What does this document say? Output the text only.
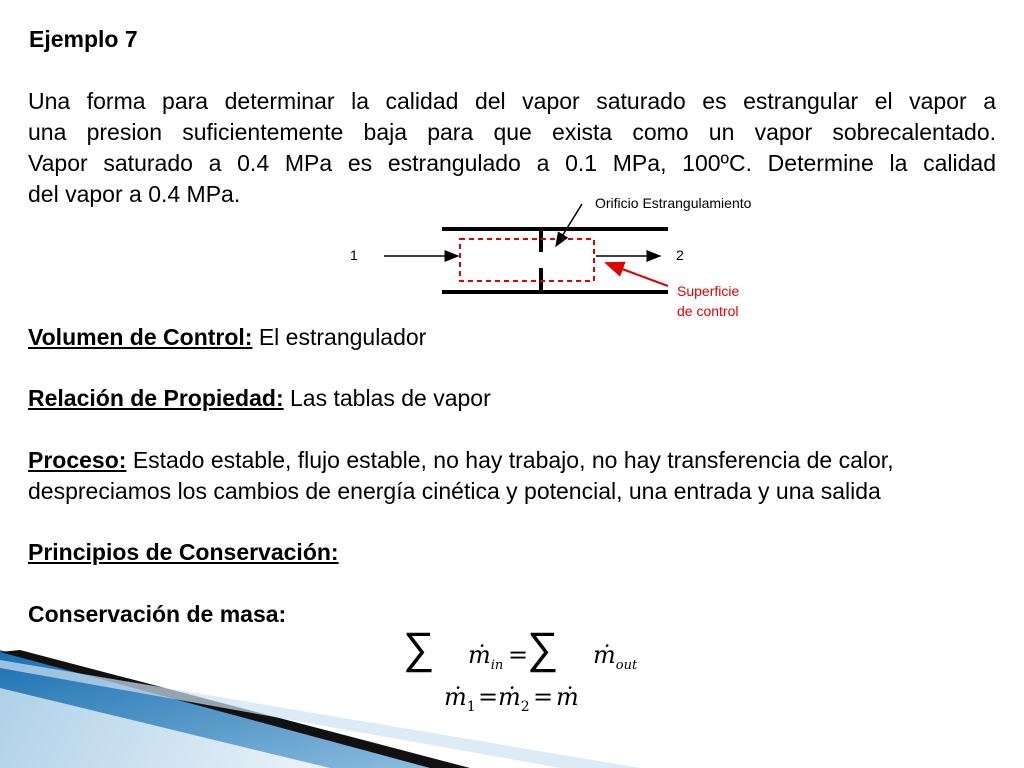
Ejemplo 7
Una forma para determinar la calidad del vapor saturado es estrangular el vapor a
una presion suficientemente baja para que exista como un vapor sobrecalentado.
Vapor saturado a 0.4 MPa es estrangulado a 0.1 MPa, 100ºC. Determine la calidad
del vapor a 0.4 MPa.	Orificio Estrangulamiento
1	2
Superficie
de control
Volumen de Control: El estrangulador
Relación de Propiedad: Las tablas de vapor
Proceso: Estado estable, flujo estable, no hay trabajo, no hay transferencia de calor,
despreciamos los cambios de energía cinética y potencial, una entrada y una salida
Principios de Conservación:
Conservación de masa:
∑ ṁ$_{in}$ =
∑ ṁ$_{out}$
ṁ$_1$ = ṁ$_2$ = ṁ
